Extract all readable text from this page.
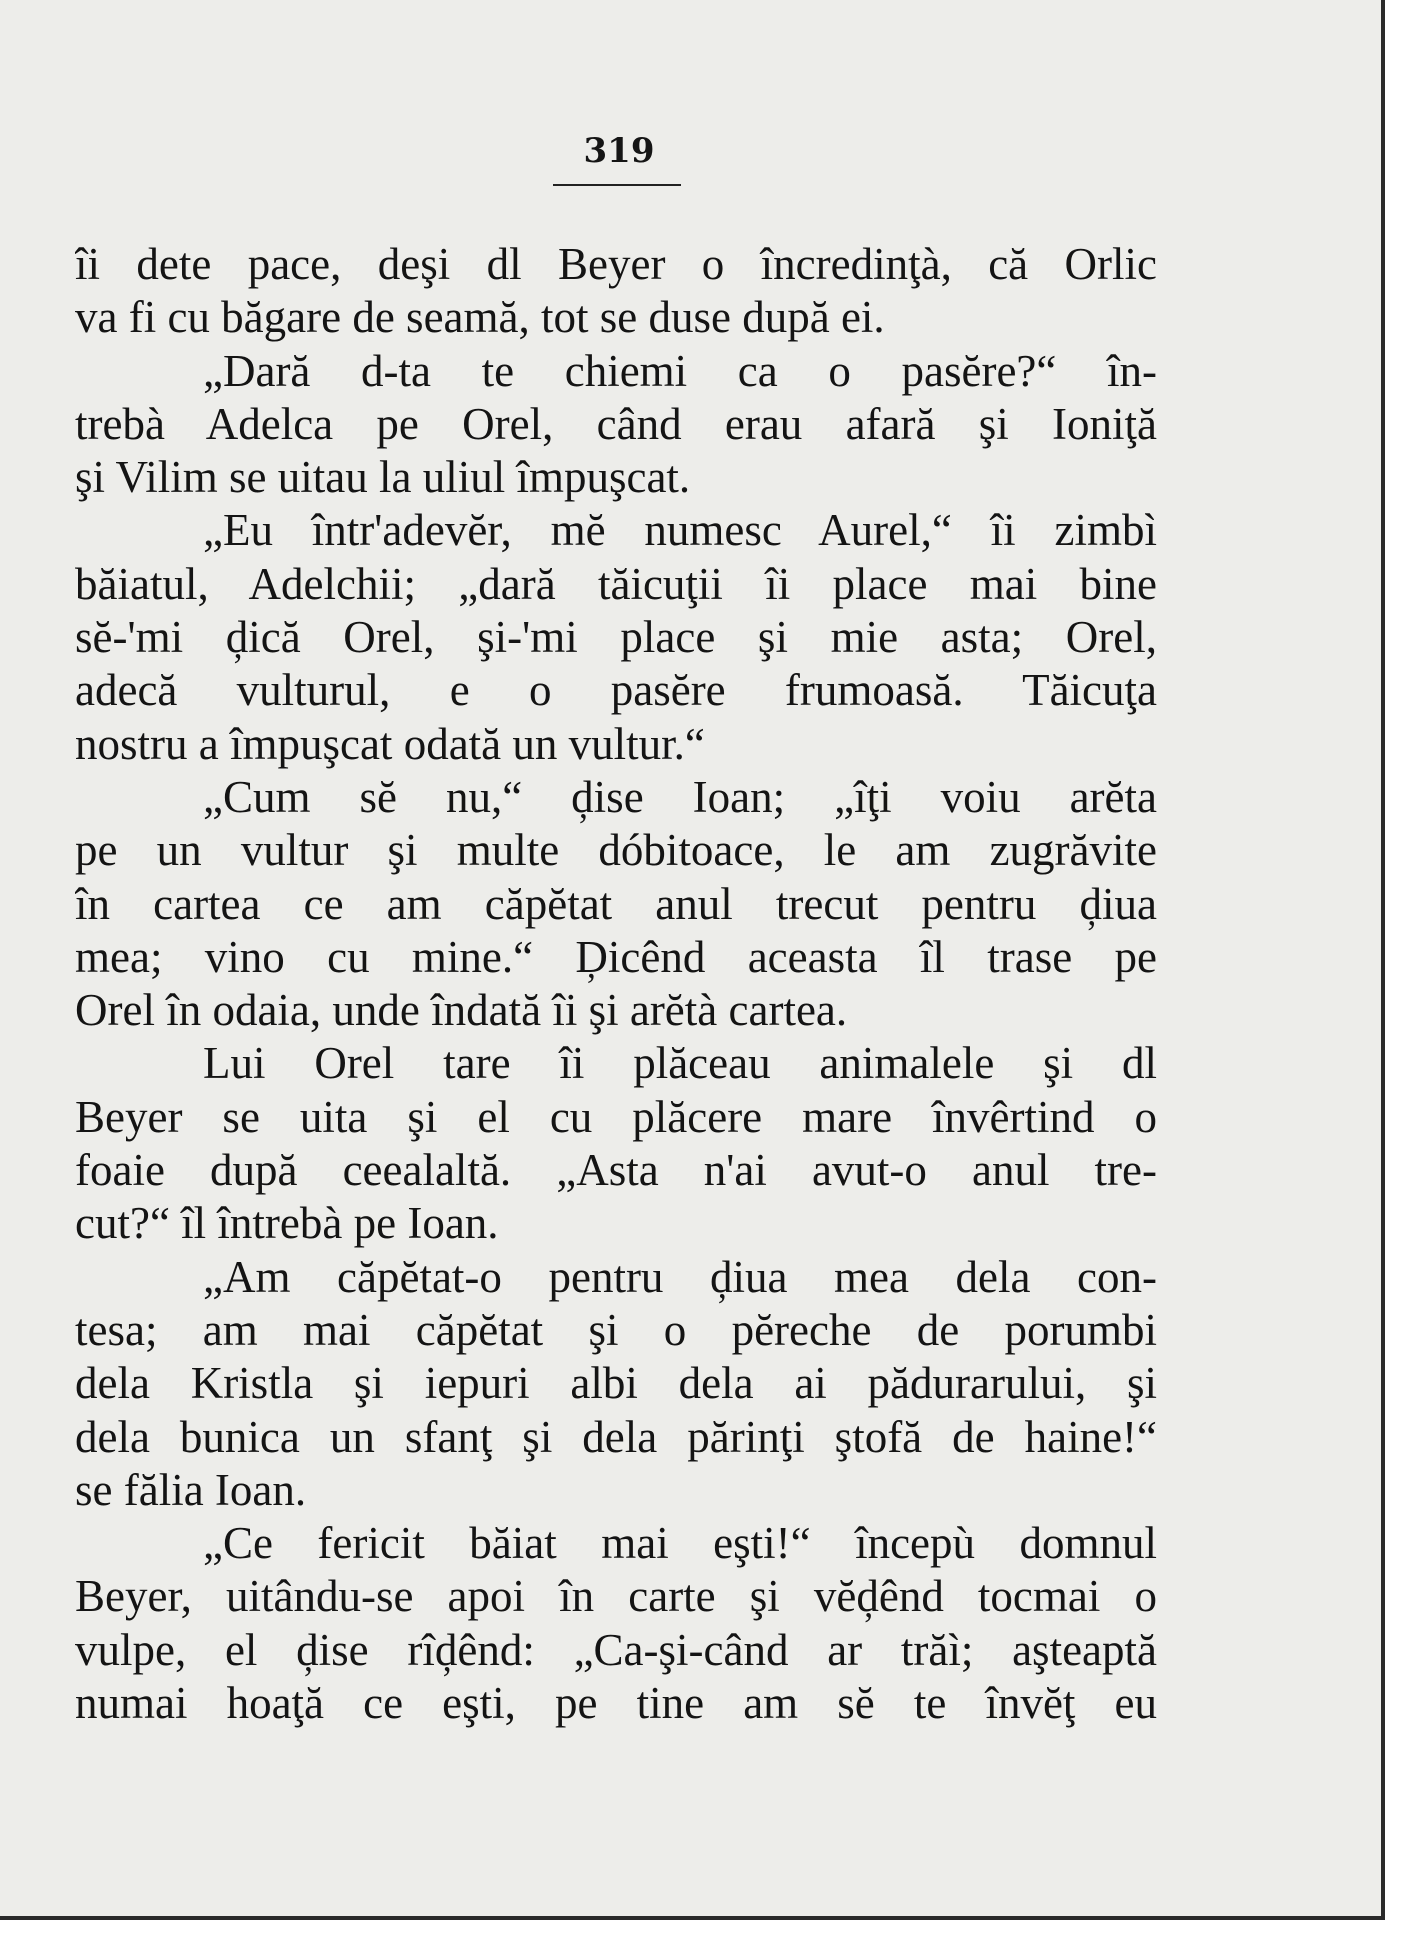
319
îi dete pace, deşi dl Beyer o încredinţà, că Orlic
va fi cu băgare de seamă, tot se duse după ei.
„Dară d-ta te chiemi ca o pasĕre?“ în-
trebà Adelca pe Orel, când erau afară şi Ioniţă
şi Vilim se uitau la uliul împuşcat.
„Eu într'adevĕr, mĕ numesc Aurel,“ îi zimbì
băiatul, Adelchii; „dară tăicuţii îi place mai bine
sĕ-'mi ḑică Orel, şi-'mi place şi mie asta; Orel,
adecă vulturul, e o pasĕre frumoasă. Tăicuţa
nostru a împuşcat odată un vultur.“
„Cum sĕ nu,“ ḑise Ioan; „îţi voiu arĕta
pe un vultur şi multe dóbitoace, le am zugrăvite
în cartea ce am căpĕtat anul trecut pentru ḑiua
mea; vino cu mine.“ Ḑicênd aceasta îl trase pe
Orel în odaia, unde îndată îi şi arĕtà cartea.
Lui Orel tare îi plăceau animalele şi dl
Beyer se uita şi el cu plăcere mare învêrtind o
foaie după ceealaltă. „Asta n'ai avut-o anul tre-
cut?“ îl întrebà pe Ioan.
„Am căpĕtat-o pentru ḑiua mea dela con-
tesa; am mai căpĕtat şi o pĕreche de porumbi
dela Kristla şi iepuri albi dela ai pădurarului, şi
dela bunica un sfanţ şi dela părinţi ştofă de haine!“
se fălia Ioan.
„Ce fericit băiat mai eşti!“ începù domnul
Beyer, uitându-se apoi în carte şi vĕḑênd tocmai o
vulpe, el ḑise rîḑênd: „Ca-şi-când ar trăì; aşteaptă
numai hoaţă ce eşti, pe tine am sĕ te învĕţ eu
